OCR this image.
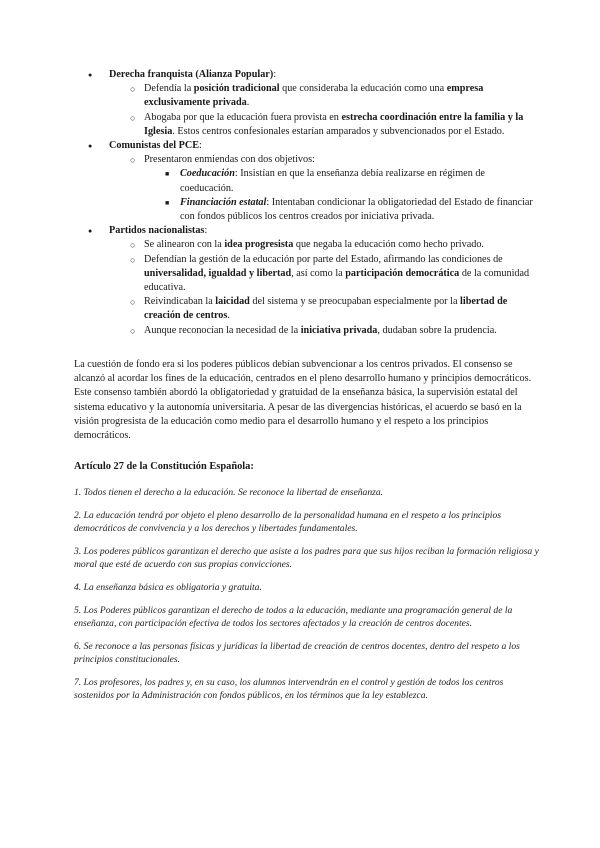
● Derecha franquista (Alianza Popular):
○ Defendía la posición tradicional que consideraba la educación como una empresa exclusivamente privada.
○ Abogaba por que la educación fuera provista en estrecha coordinación entre la familia y la Iglesia. Estos centros confesionales estarían amparados y subvencionados por el Estado.
● Comunistas del PCE:
○ Presentaron enmiendas con dos objetivos:
■ Coeducación: Insistían en que la enseñanza debía realizarse en régimen de coeducación.
■ Financiación estatal: Intentaban condicionar la obligatoriedad del Estado de financiar con fondos públicos los centros creados por iniciativa privada.
● Partidos nacionalistas:
○ Se alinearon con la idea progresista que negaba la educación como hecho privado.
○ Defendían la gestión de la educación por parte del Estado, afirmando las condiciones de universalidad, igualdad y libertad, así como la participación democrática de la comunidad educativa.
○ Reivindicaban la laicidad del sistema y se preocupaban especialmente por la libertad de creación de centros.
○ Aunque reconocían la necesidad de la iniciativa privada, dudaban sobre la prudencia.

La cuestión de fondo era si los poderes públicos debían subvencionar a los centros privados. El consenso se alcanzó al acordar los fines de la educación, centrados en el pleno desarrollo humano y principios democráticos. Este consenso también abordó la obligatoriedad y gratuidad de la enseñanza básica, la supervisión estatal del sistema educativo y la autonomía universitaria. A pesar de las divergencias históricas, el acuerdo se basó en la visión progresista de la educación como medio para el desarrollo humano y el respeto a los principios democráticos.

Artículo 27 de la Constitución Española:

1. Todos tienen el derecho a la educación. Se reconoce la libertad de enseñanza.

2. La educación tendrá por objeto el pleno desarrollo de la personalidad humana en el respeto a los principios democráticos de convivencia y a los derechos y libertades fundamentales.

3. Los poderes públicos garantizan el derecho que asiste a los padres para que sus hijos reciban la formación religiosa y moral que esté de acuerdo con sus propias convicciones.

4. La enseñanza básica es obligatoria y gratuita.

5. Los Poderes públicos garantizan el derecho de todos a la educación, mediante una programación general de la enseñanza, con participación efectiva de todos los sectores afectados y la creación de centros docentes.

6. Se reconoce a las personas físicas y jurídicas la libertad de creación de centros docentes, dentro del respeto a los principios constitucionales.

7. Los profesores, los padres y, en su caso, los alumnos intervendrán en el control y gestión de todos los centros sostenidos por la Administración con fondos públicos, en los términos que la ley establezca.
